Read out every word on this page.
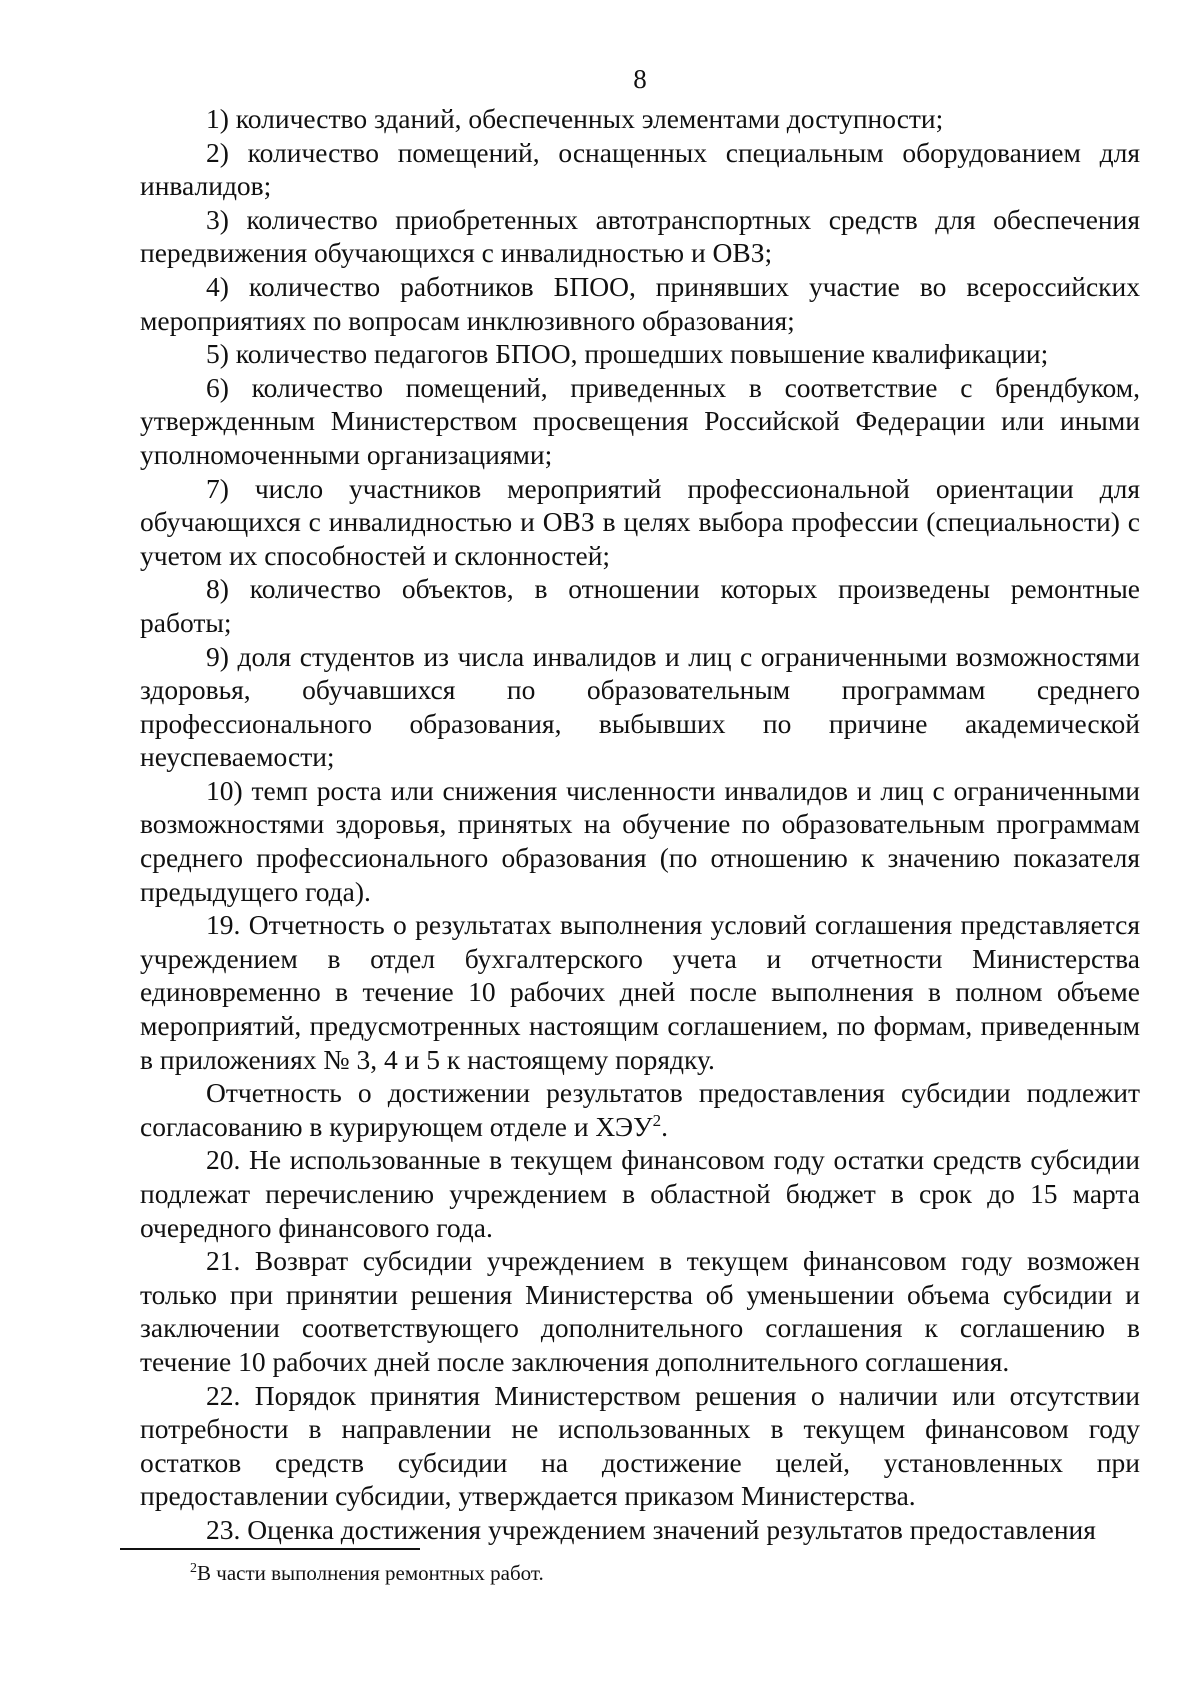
8

1) количество зданий, обеспеченных элементами доступности;

2) количество помещений, оснащенных специальным оборудованием для инвалидов;

3) количество приобретенных автотранспортных средств для обеспечения передвижения обучающихся с инвалидностью и ОВЗ;

4) количество работников БПОО, принявших участие во всероссийских мероприятиях по вопросам инклюзивного образования;

5) количество педагогов БПОО, прошедших повышение квалификации;

6) количество помещений, приведенных в соответствие с брендбуком, утвержденным Министерством просвещения Российской Федерации или иными уполномоченными организациями;

7) число участников мероприятий профессиональной ориентации для обучающихся с инвалидностью и ОВЗ в целях выбора профессии (специальности) с учетом их способностей и склонностей;

8) количество объектов, в отношении которых произведены ремонтные работы;

9) доля студентов из числа инвалидов и лиц с ограниченными возможностями здоровья, обучавшихся по образовательным программам среднего профессионального образования, выбывших по причине академической неуспеваемости;

10) темп роста или снижения численности инвалидов и лиц с ограниченными возможностями здоровья, принятых на обучение по образовательным программам среднего профессионального образования (по отношению к значению показателя предыдущего года).

19. Отчетность о результатах выполнения условий соглашения представляется учреждением в отдел бухгалтерского учета и отчетности Министерства единовременно в течение 10 рабочих дней после выполнения в полном объеме мероприятий, предусмотренных настоящим соглашением, по формам, приведенным в приложениях № 3, 4 и 5 к настоящему порядку.

Отчетность о достижении результатов предоставления субсидии подлежит согласованию в курирующем отделе и ХЭУ$^2$.

20. Не использованные в текущем финансовом году остатки средств субсидии подлежат перечислению учреждением в областной бюджет в срок до 15 марта очередного финансового года.

21. Возврат субсидии учреждением в текущем финансовом году возможен только при принятии решения Министерства об уменьшении объема субсидии и заключении соответствующего дополнительного соглашения к соглашению в течение 10 рабочих дней после заключения дополнительного соглашения.

22. Порядок принятия Министерством решения о наличии или отсутствии потребности в направлении не использованных в текущем финансовом году остатков средств субсидии на достижение целей, установленных при предоставлении субсидии, утверждается приказом Министерства.

23. Оценка достижения учреждением значений результатов предоставления

$^2$В части выполнения ремонтных работ.
